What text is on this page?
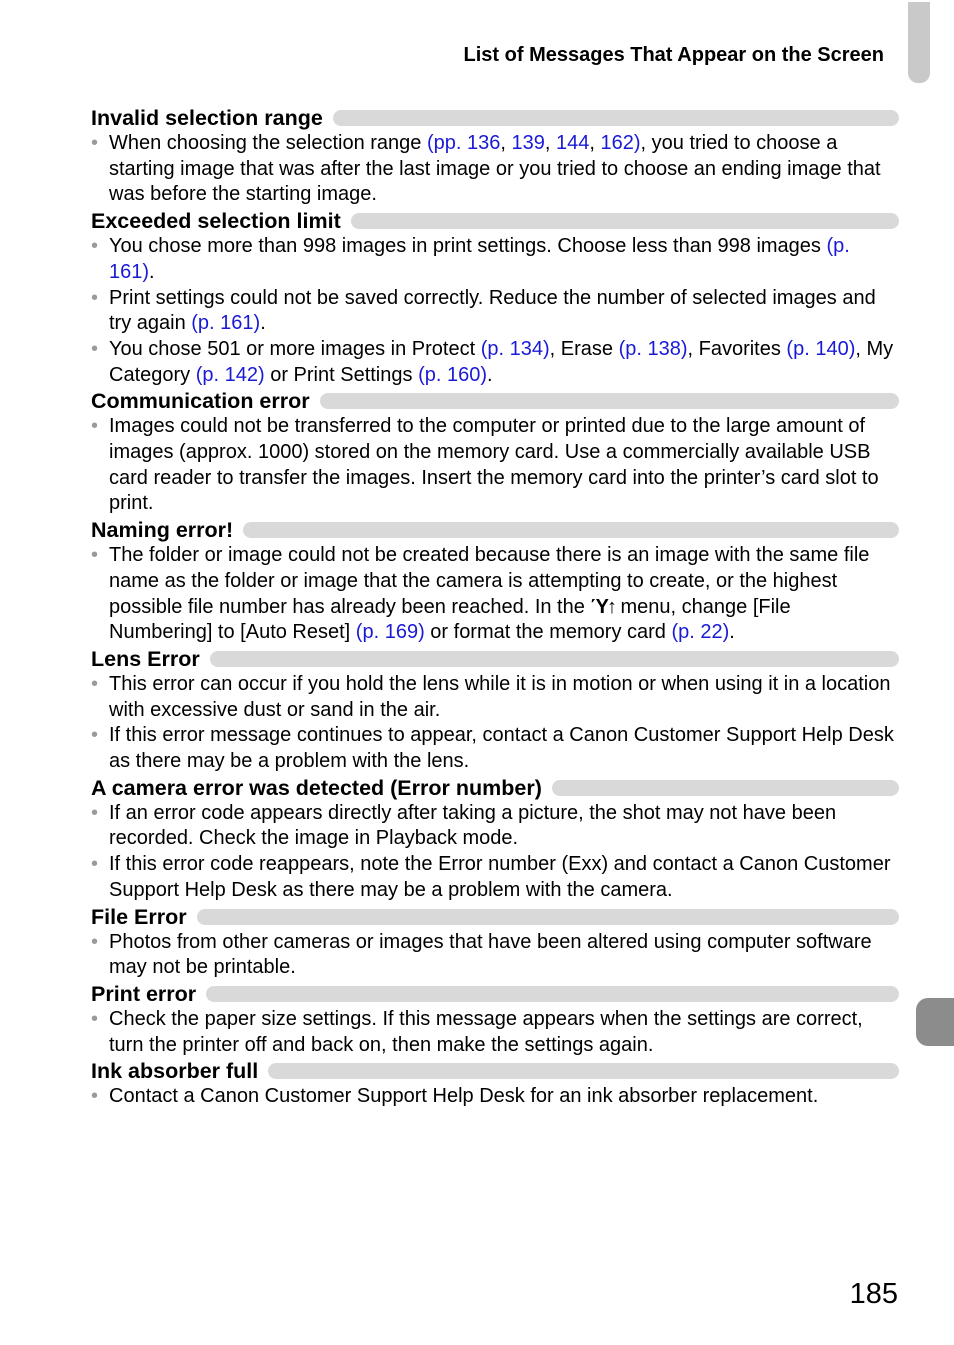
List of Messages That Appear on the Screen
Invalid selection range
• When choosing the selection range (pp. 136, 139, 144, 162), you tried to choose a starting image that was after the last image or you tried to choose an ending image that was before the starting image.
Exceeded selection limit
• You chose more than 998 images in print settings. Choose less than 998 images (p. 161).
• Print settings could not be saved correctly. Reduce the number of selected images and try again (p. 161).
• You chose 501 or more images in Protect (p. 134), Erase (p. 138), Favorites (p. 140), My Category (p. 142) or Print Settings (p. 160).
Communication error
• Images could not be transferred to the computer or printed due to the large amount of images (approx. 1000) stored on the memory card. Use a commercially available USB card reader to transfer the images. Insert the memory card into the printer’s card slot to print.
Naming error!
• The folder or image could not be created because there is an image with the same file name as the folder or image that the camera is attempting to create, or the highest possible file number has already been reached. In the Ύ↑ menu, change [File Numbering] to [Auto Reset] (p. 169) or format the memory card (p. 22).
Lens Error
• This error can occur if you hold the lens while it is in motion or when using it in a location with excessive dust or sand in the air.
• If this error message continues to appear, contact a Canon Customer Support Help Desk as there may be a problem with the lens.
A camera error was detected (Error number)
• If an error code appears directly after taking a picture, the shot may not have been recorded. Check the image in Playback mode.
• If this error code reappears, note the Error number (Exx) and contact a Canon Customer Support Help Desk as there may be a problem with the camera.
File Error
• Photos from other cameras or images that have been altered using computer software may not be printable.
Print error
• Check the paper size settings. If this message appears when the settings are correct, turn the printer off and back on, then make the settings again.
Ink absorber full
• Contact a Canon Customer Support Help Desk for an ink absorber replacement.
185
